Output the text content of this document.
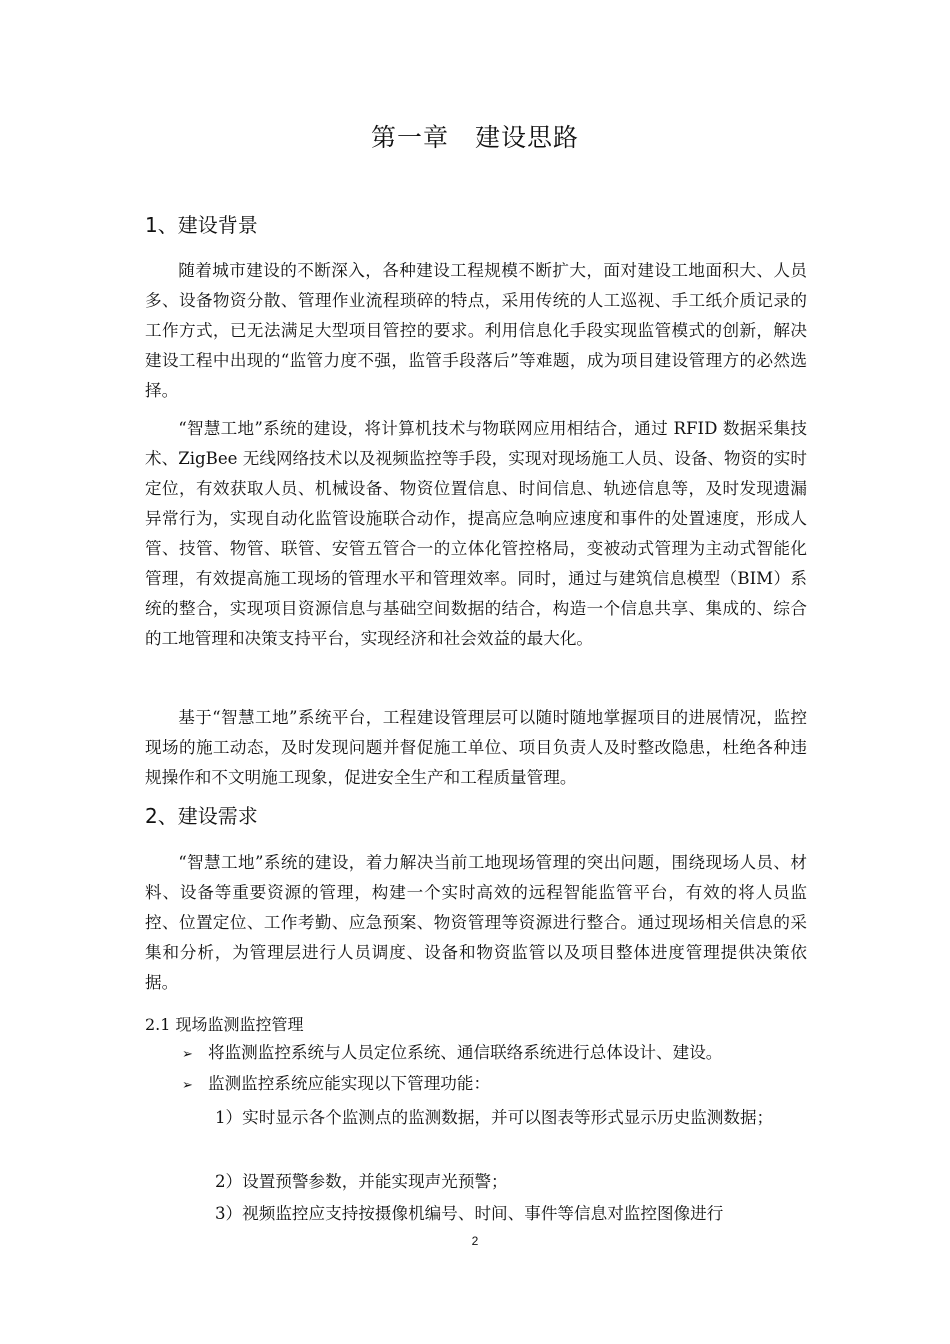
第一章　建设思路
1、建设背景

随着城市建设的不断深入，各种建设工程规模不断扩大，面对建设工地面积大、人员多、设备物资分散、管理作业流程琐碎的特点，采用传统的人工巡视、手工纸介质记录的工作方式，已无法满足大型项目管控的要求。利用信息化手段实现监管模式的创新，解决建设工程中出现的“监管力度不强，监管手段落后”等难题，成为项目建设管理方的必然选择。

“智慧工地”系统的建设，将计算机技术与物联网应用相结合，通过 RFID 数据采集技术、ZigBee 无线网络技术以及视频监控等手段，实现对现场施工人员、设备、物资的实时定位，有效获取人员、机械设备、物资位置信息、时间信息、轨迹信息等，及时发现遗漏异常行为，实现自动化监管设施联合动作，提高应急响应速度和事件的处置速度，形成人管、技管、物管、联管、安管五管合一的立体化管控格局，变被动式管理为主动式智能化管理，有效提高施工现场的管理水平和管理效率。同时，通过与建筑信息模型（BIM）系统的整合，实现项目资源信息与基础空间数据的结合，构造一个信息共享、集成的、综合的工地管理和决策支持平台，实现经济和社会效益的最大化。

基于“智慧工地”系统平台，工程建设管理层可以随时随地掌握项目的进展情况，监控现场的施工动态，及时发现问题并督促施工单位、项目负责人及时整改隐患，杜绝各种违规操作和不文明施工现象，促进安全生产和工程质量管理。

2、建设需求

“智慧工地”系统的建设，着力解决当前工地现场管理的突出问题，围绕现场人员、材料、设备等重要资源的管理，构建一个实时高效的远程智能监管平台，有效的将人员监控、位置定位、工作考勤、应急预案、物资管理等资源进行整合。通过现场相关信息的采集和分析，为管理层进行人员调度、设备和物资监管以及项目整体进度管理提供决策依据。

2.1 现场监测监控管理

➢ 将监测监控系统与人员定位系统、通信联络系统进行总体设计、建设。

➢ 监测监控系统应能实现以下管理功能：

1）实时显示各个监测点的监测数据，并可以图表等形式显示历史监测数据；

2）设置预警参数，并能实现声光预警；

3）视频监控应支持按摄像机编号、时间、事件等信息对监控图像进行

2
